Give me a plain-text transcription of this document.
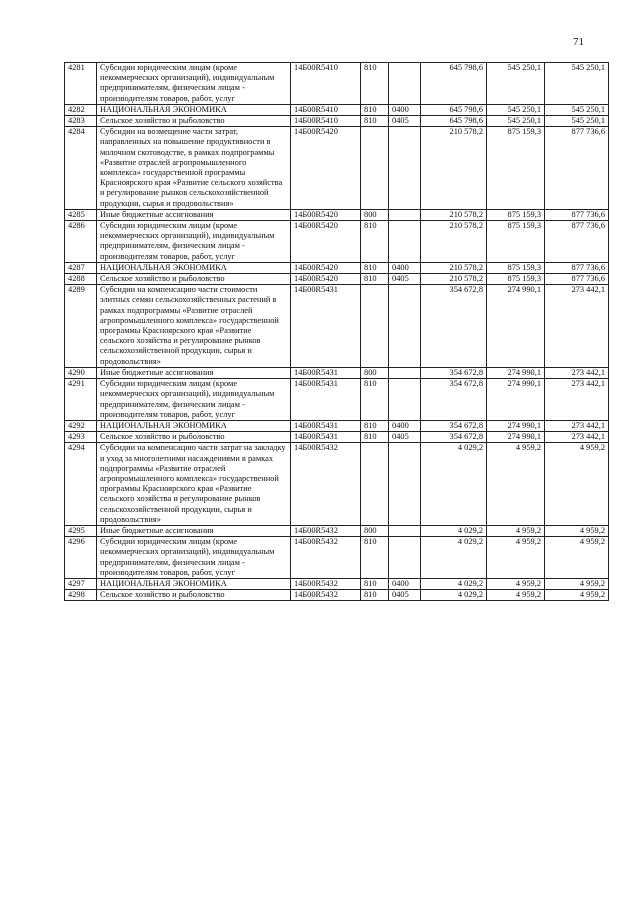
71
4281	Субсидии юридическим лицам (кроме некоммерческих организаций), индивидуальным предпринимателям, физическим лицам - производителям товаров, работ, услуг	14Б00R5410	810		645 798,6	545 250,1	545 250,1
4282	НАЦИОНАЛЬНАЯ ЭКОНОМИКА	14Б00R5410	810	0400	645 798,6	545 250,1	545 250,1
4283	Сельское хозяйство и рыболовство	14Б00R5410	810	0405	645 798,6	545 250,1	545 250,1
4284	Субсидии на возмещение части затрат, направленных на повышение продуктивности в молочном скотоводстве, в рамках подпрограммы «Развитие отраслей агропромышленного комплекса» государственной программы Красноярского края «Развитие сельского хозяйства и регулирование рынков сельскохозяйственной продукции, сырья и продовольствия»	14Б00R5420			210 578,2	875 159,3	877 736,6
4285	Иные бюджетные ассигнования	14Б00R5420	800		210 578,2	875 159,3	877 736,6
4286	Субсидии юридическим лицам (кроме некоммерческих организаций), индивидуальным предпринимателям, физическим лицам - производителям товаров, работ, услуг	14Б00R5420	810		210 578,2	875 159,3	877 736,6
4287	НАЦИОНАЛЬНАЯ ЭКОНОМИКА	14Б00R5420	810	0400	210 578,2	875 159,3	877 736,6
4288	Сельское хозяйство и рыболовство	14Б00R5420	810	0405	210 578,2	875 159,3	877 736,6
4289	Субсидии на компенсацию части стоимости элитных семян сельскохозяйственных растений в рамках подпрограммы «Развитие отраслей агропромышленного комплекса» государственной программы Красноярского края «Развитие сельского хозяйства и регулирование рынков сельскохозяйственной продукции, сырья и продовольствия»	14Б00R5431			354 672,8	274 990,1	273 442,1
4290	Иные бюджетные ассигнования	14Б00R5431	800		354 672,8	274 990,1	273 442,1
4291	Субсидии юридическим лицам (кроме некоммерческих организаций), индивидуальным предпринимателям, физическим лицам - производителям товаров, работ, услуг	14Б00R5431	810		354 672,8	274 990,1	273 442,1
4292	НАЦИОНАЛЬНАЯ ЭКОНОМИКА	14Б00R5431	810	0400	354 672,8	274 990,1	273 442,1
4293	Сельское хозяйство и рыболовство	14Б00R5431	810	0405	354 672,8	274 990,1	273 442,1
4294	Субсидии на компенсацию части затрат на закладку и уход за многолетними насаждениями в рамках подпрограммы «Развитие отраслей агропромышленного комплекса» государственной программы Красноярского края «Развитие сельского хозяйства и регулирование рынков сельскохозяйственной продукции, сырья и продовольствия»	14Б00R5432			4 029,2	4 959,2	4 959,2
4295	Иные бюджетные ассигнования	14Б00R5432	800		4 029,2	4 959,2	4 959,2
4296	Субсидии юридическим лицам (кроме некоммерческих организаций), индивидуальным предпринимателям, физическим лицам - производителям товаров, работ, услуг	14Б00R5432	810		4 029,2	4 959,2	4 959,2
4297	НАЦИОНАЛЬНАЯ ЭКОНОМИКА	14Б00R5432	810	0400	4 029,2	4 959,2	4 959,2
4298	Сельское хозяйство и рыболовство	14Б00R5432	810	0405	4 029,2	4 959,2	4 959,2
